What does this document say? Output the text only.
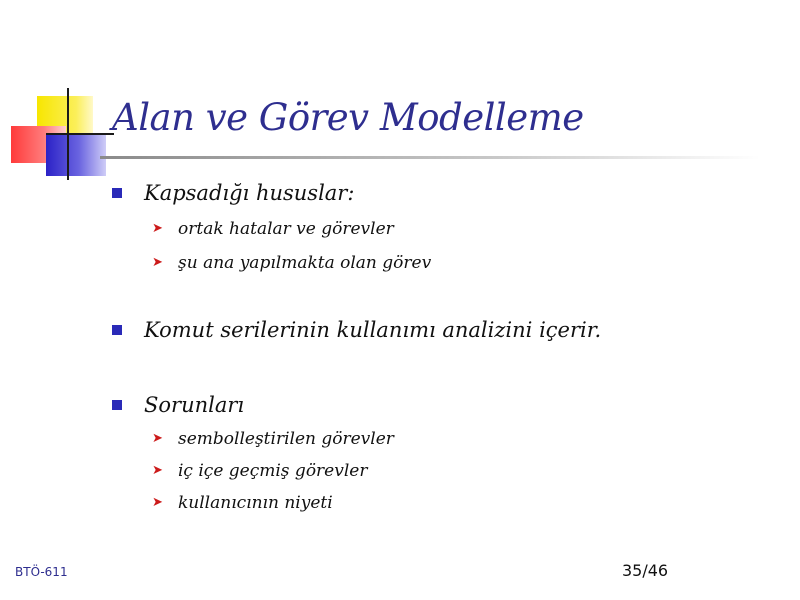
Alan ve Görev Modelleme
Kapsadığı hususlar:
➤ ortak hatalar ve görevler
➤ şu ana yapılmakta olan görev
Komut serilerinin kullanımı analizini içerir.
Sorunları
➤ sembolleştirilen görevler
➤ iç içe geçmiş görevler
➤ kullanıcının niyeti
BTÖ-611	35/46
